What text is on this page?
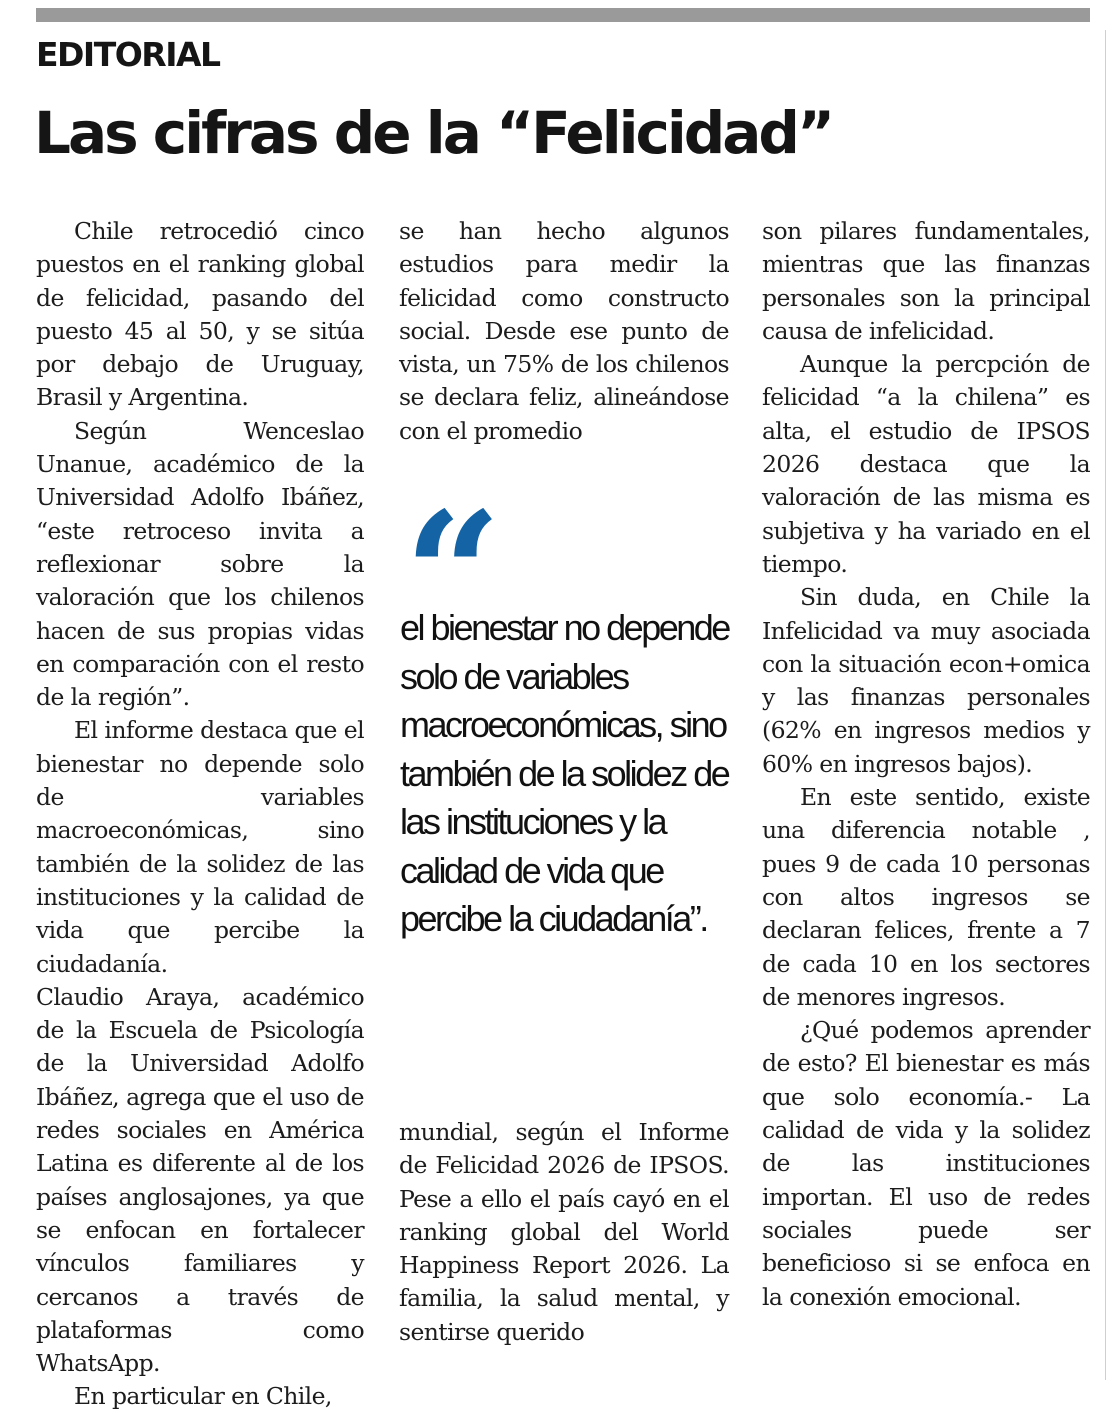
EDITORIAL
Las cifras de la “Felicidad”

Chile retrocedió cinco puestos en el ranking global de felicidad, pasando del puesto 45 al 50, y se sitúa por debajo de Uruguay, Brasil y Argentina.

Según Wenceslao Unanue, académico de la Universidad Adolfo Ibáñez, “este retroceso invita a reflexionar sobre la valoración que los chilenos hacen de sus propias vidas en comparación con el resto de la región”.

El informe destaca que el bienestar no depende solo de variables macroeconómicas, sino también de la solidez de las instituciones y la calidad de vida que percibe la ciudadanía.

Claudio Araya, académico de la Escuela de Psicología de la Universidad Adolfo Ibáñez, agrega que el uso de redes sociales en América Latina es diferente al de los países anglosajones, ya que se enfocan en fortalecer vínculos familiares y cercanos a través de plataformas como WhatsApp.

En particular en Chile,

se han hecho algunos estudios para medir la felicidad como constructo social. Desde ese punto de vista, un 75% de los chilenos se declara feliz, alineándose con el promedio

“
el bienestar no depende solo de variables macroeconómicas, sino también de la solidez de las instituciones y la calidad de vida que percibe la ciudadanía”.

mundial, según el Informe de Felicidad 2026 de IPSOS. Pese a ello el país cayó en el ranking global del World Happiness Report 2026. La familia, la salud mental, y sentirse querido

son pilares fundamentales, mientras que las finanzas personales son la principal causa de infelicidad.

Aunque la percpción de felicidad “a la chilena” es alta, el estudio de IPSOS 2026 destaca que la valoración de las misma es subjetiva y ha variado en el tiempo.

Sin duda, en Chile la Infelicidad va muy asociada con la situación econ+omica y las finanzas personales (62% en ingresos medios y 60% en ingresos bajos).

En este sentido, existe una diferencia notable , pues 9 de cada 10 personas con altos ingresos se declaran felices, frente a 7 de cada 10 en los sectores de menores ingresos.

¿Qué podemos aprender de esto? El bienestar es más que solo economía.- La calidad de vida y la solidez de las instituciones importan. El uso de redes sociales puede ser beneficioso si se enfoca en la conexión emocional.
